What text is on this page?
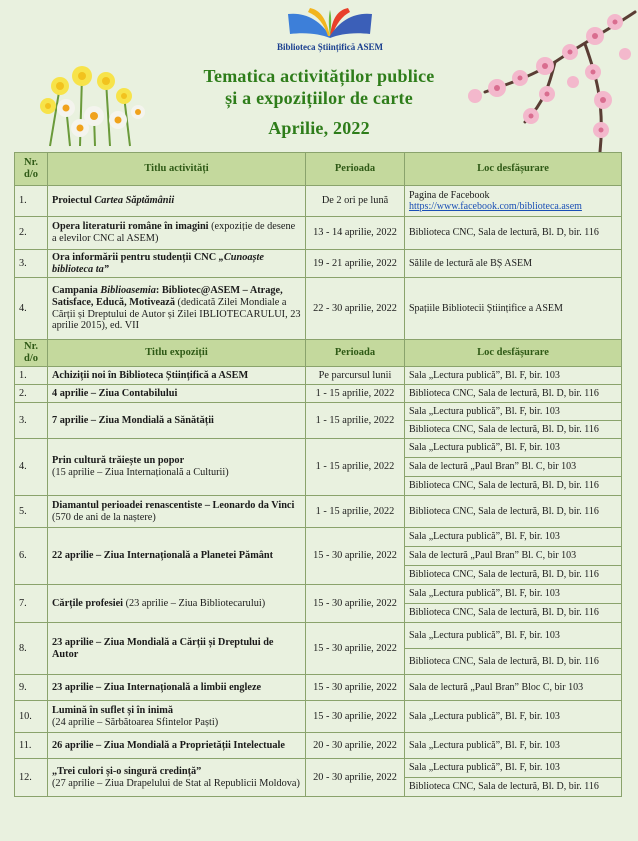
Biblioteca Științifică ASEM
Tematica activităților publice
și a expozițiilor de carte
Aprilie, 2022
Nr. d/o	Titlu activități	Perioada	Loc desfășurare
1.	Proiectul Cartea Săptămânii	De 2 ori pe lună	Pagina de Facebook
https://www.facebook.com/biblioteca.asem
2.	Opera literaturii române în imagini (expoziție de desene a elevilor CNC al ASEM)	13 - 14 aprilie, 2022	Biblioteca CNC, Sala de lectură, Bl. D, bir. 116
3.	Ora informării pentru studenții CNC „Cunoaște biblioteca ta”	19 - 21 aprilie, 2022	Sălile de lectură ale BȘ ASEM
4.	Campania Biblioasemia: Bibliotec@ASEM – Atrage, Satisface, Educă, Motivează (dedicată Zilei Mondiale a Cărții și Dreptului de Autor și Zilei IBLIOTECARULUI, 23 aprilie 2015), ed. VII	22 - 30 aprilie, 2022	Spațiile Bibliotecii Științifice a ASEM
Nr. d/o	Titlu expoziții	Perioada	Loc desfășurare
1.	Achiziții noi în Biblioteca Științifică a ASEM	Pe parcursul lunii	Sala „Lectura publică”, Bl. F, bir. 103
2.	4 aprilie – Ziua Contabilului	1 - 15 aprilie, 2022	Biblioteca CNC, Sala de lectură, Bl. D, bir. 116
3.	7 aprilie – Ziua Mondială a Sănătății	1 - 15 aprilie, 2022	Sala „Lectura publică”, Bl. F, bir. 103
			Biblioteca CNC, Sala de lectură, Bl. D, bir. 116
4.	Prin cultură trăiește un popor
(15 aprilie – Ziua Internațională a Culturii)	1 - 15 aprilie, 2022	Sala „Lectura publică”, Bl. F, bir. 103
			Sala de lectură „Paul Bran” Bl. C, bir 103
			Biblioteca CNC, Sala de lectură, Bl. D, bir. 116
5.	Diamantul perioadei renascentiste – Leonardo da Vinci
(570 de ani de la naștere)	1 - 15 aprilie, 2022	Biblioteca CNC, Sala de lectură, Bl. D, bir. 116
6.	22 aprilie – Ziua Internațională a Planetei Pământ	15 - 30 aprilie, 2022	Sala „Lectura publică”, Bl. F, bir. 103
			Sala de lectură „Paul Bran” Bl. C, bir 103
			Biblioteca CNC, Sala de lectură, Bl. D, bir. 116
7.	Cărțile profesiei (23 aprilie – Ziua Bibliotecarului)	15 - 30 aprilie, 2022	Sala „Lectura publică”, Bl. F, bir. 103
			Biblioteca CNC, Sala de lectură, Bl. D, bir. 116
8.	23 aprilie – Ziua Mondială a Cărții și Dreptului de Autor	15 - 30 aprilie, 2022	Sala „Lectura publică”, Bl. F, bir. 103
			Biblioteca CNC, Sala de lectură, Bl. D, bir. 116
9.	23 aprilie – Ziua Internațională a limbii engleze	15 - 30 aprilie, 2022	Sala de lectură „Paul Bran” Bloc C, bir 103
10.	Lumină în suflet și în inimă
(24 aprilie – Sărbătoarea Sfintelor Paști)	15 - 30 aprilie, 2022	Sala „Lectura publică”, Bl. F, bir. 103
11.	26 aprilie – Ziua Mondială a Proprietății Intelectuale	20 - 30 aprilie, 2022	Sala „Lectura publică”, Bl. F, bir. 103
12.	„Trei culori și-o singură credință”
(27 aprilie – Ziua Drapelului de Stat al Republicii Moldova)	20 - 30 aprilie, 2022	Sala „Lectura publică”, Bl. F, bir. 103
			Biblioteca CNC, Sala de lectură, Bl. D, bir. 116
